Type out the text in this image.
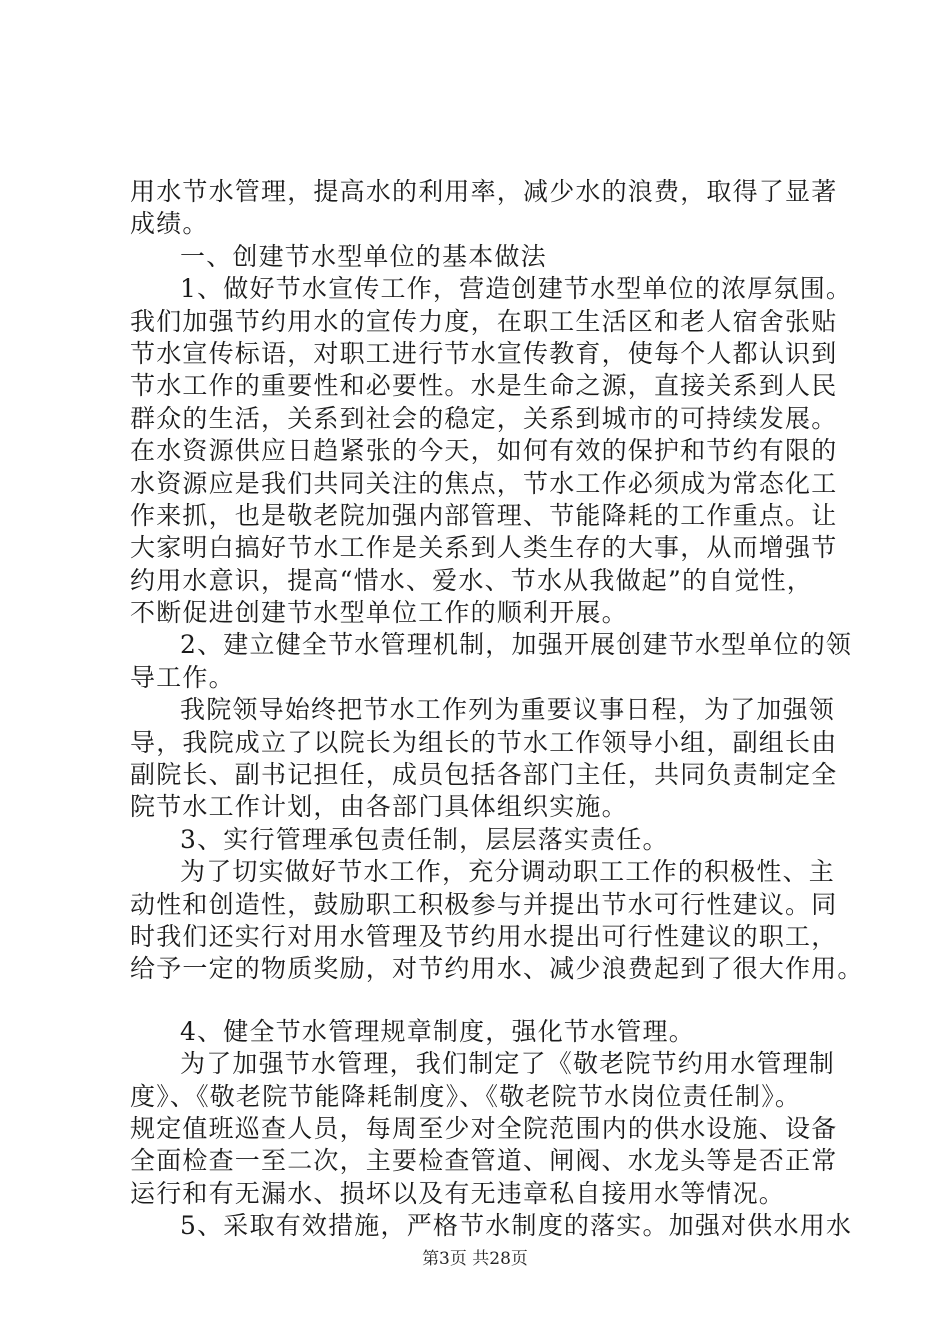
用水节水管理，提高水的利用率，减少水的浪费，取得了显著
成绩。
一、创建节水型单位的基本做法
1、做好节水宣传工作，营造创建节水型单位的浓厚氛围。
我们加强节约用水的宣传力度，在职工生活区和老人宿舍张贴
节水宣传标语，对职工进行节水宣传教育，使每个人都认识到
节水工作的重要性和必要性。水是生命之源，直接关系到人民
群众的生活，关系到社会的稳定，关系到城市的可持续发展。
在水资源供应日趋紧张的今天，如何有效的保护和节约有限的
水资源应是我们共同关注的焦点，节水工作必须成为常态化工
作来抓，也是敬老院加强内部管理、节能降耗的工作重点。让
大家明白搞好节水工作是关系到人类生存的大事，从而增强节
约用水意识，提高“惜水、爱水、节水从我做起”的自觉性，
不断促进创建节水型单位工作的顺利开展。
2、建立健全节水管理机制，加强开展创建节水型单位的领
导工作。
我院领导始终把节水工作列为重要议事日程，为了加强领
导，我院成立了以院长为组长的节水工作领导小组，副组长由
副院长、副书记担任，成员包括各部门主任，共同负责制定全
院节水工作计划，由各部门具体组织实施。
3、实行管理承包责任制，层层落实责任。
为了切实做好节水工作，充分调动职工工作的积极性、主
动性和创造性，鼓励职工积极参与并提出节水可行性建议。同
时我们还实行对用水管理及节约用水提出可行性建议的职工，
给予一定的物质奖励，对节约用水、减少浪费起到了很大作用。
4、健全节水管理规章制度，强化节水管理。
为了加强节水管理，我们制定了《敬老院节约用水管理制
度》、《敬老院节能降耗制度》、《敬老院节水岗位责任制》。
规定值班巡查人员，每周至少对全院范围内的供水设施、设备
全面检查一至二次，主要检查管道、闸阀、水龙头等是否正常
运行和有无漏水、损坏以及有无违章私自接用水等情况。
5、采取有效措施，严格节水制度的落实。加强对供水用水
第3页 共28页
